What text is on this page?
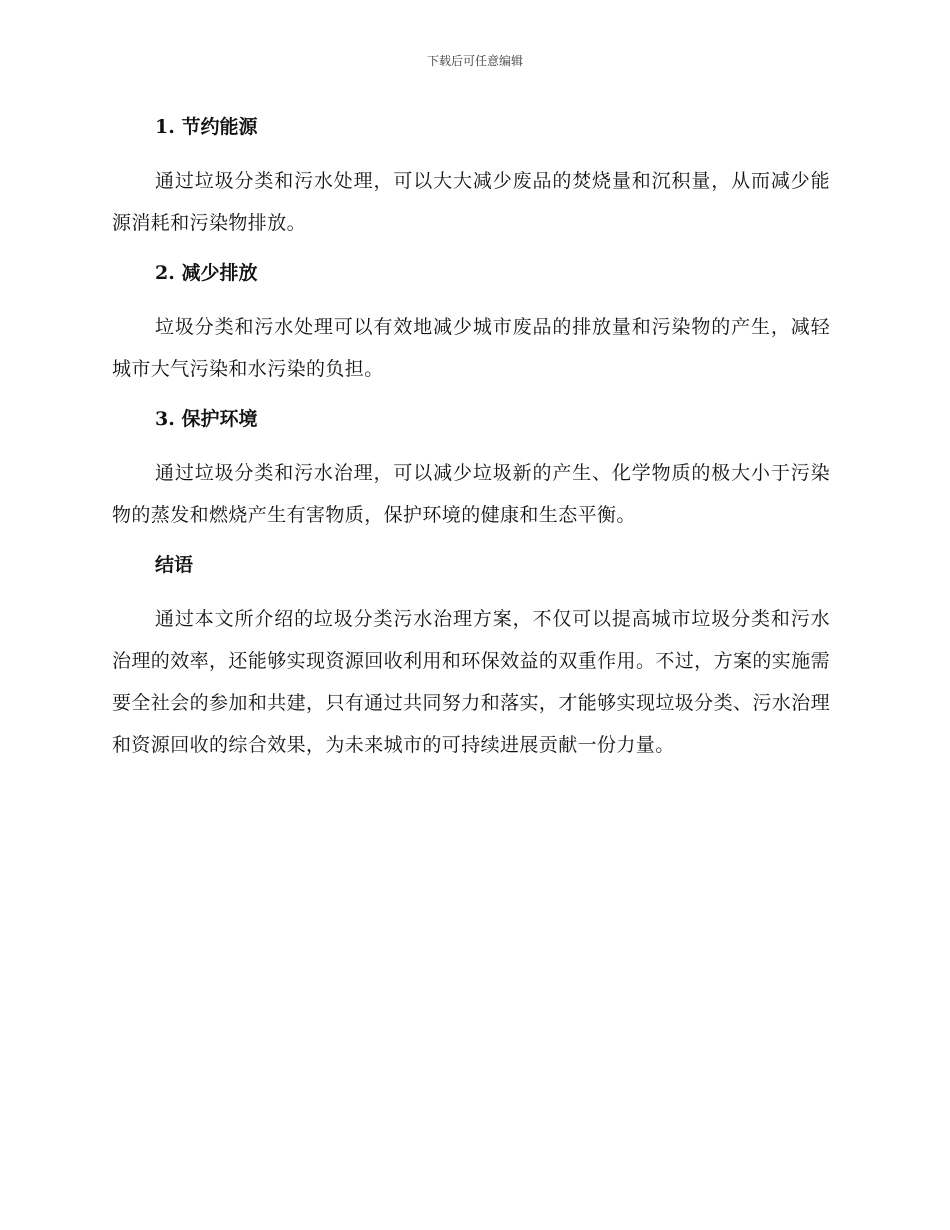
下载后可任意编辑
1. 节约能源

通过垃圾分类和污水处理，可以大大减少废品的焚烧量和沉积量，从而减少能源消耗和污染物排放。

2. 减少排放

垃圾分类和污水处理可以有效地减少城市废品的排放量和污染物的产生，减轻城市大气污染和水污染的负担。

3. 保护环境

通过垃圾分类和污水治理，可以减少垃圾新的产生、化学物质的极大小于污染物的蒸发和燃烧产生有害物质，保护环境的健康和生态平衡。

结语

通过本文所介绍的垃圾分类污水治理方案，不仅可以提高城市垃圾分类和污水治理的效率，还能够实现资源回收利用和环保效益的双重作用。不过，方案的实施需要全社会的参加和共建，只有通过共同努力和落实，才能够实现垃圾分类、污水治理和资源回收的综合效果，为未来城市的可持续进展贡献一份力量。
